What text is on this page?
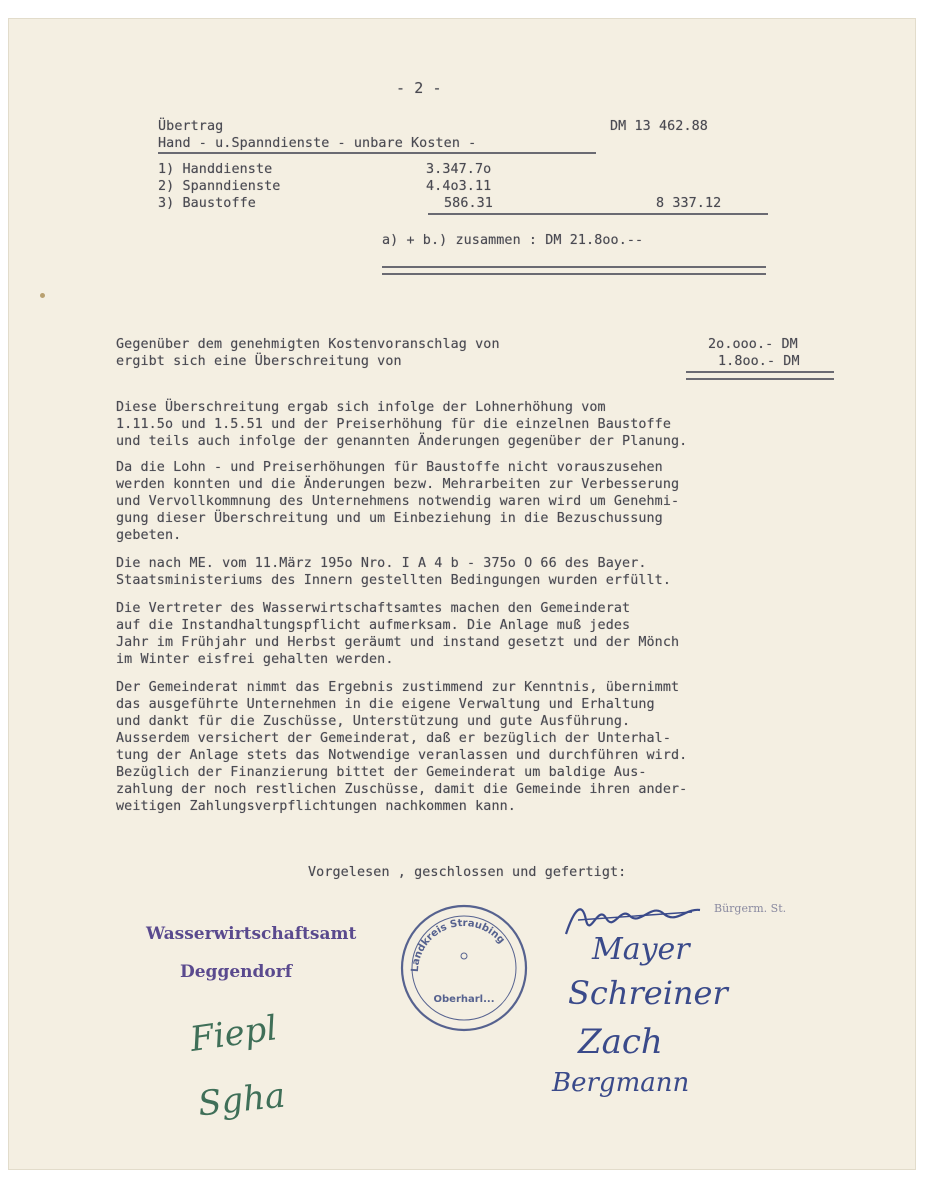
- 2 -
Übertrag	DM 13 462.88
Hand - u.Spanndienste - unbare Kosten -
1) Handdienste	3.347.7o
2) Spanndienste	4.4o3.11
3) Baustoffe	586.31	8 337.12
a) + b.) zusammen : DM 21.8oo.--
Gegenüber dem genehmigten Kostenvoranschlag von	2o.ooo.- DM
ergibt sich eine Überschreitung von	1.8oo.- DM
Diese Überschreitung ergab sich infolge der Lohnerhöhung vom
1.11.5o und 1.5.51 und der Preiserhöhung für die einzelnen Baustoffe
und teils auch infolge der genannten Änderungen gegenüber der Planung.
Da die Lohn - und Preiserhöhungen für Baustoffe nicht vorauszusehen
werden konnten und die Änderungen bezw. Mehrarbeiten zur Verbesserung
und Vervollkommnung des Unternehmens notwendig waren wird um Genehmi-
gung dieser Überschreitung und um Einbeziehung in die Bezuschussung
gebeten.
Die nach ME. vom 11.März 195o Nro. I A 4 b - 375o O 66 des Bayer.
Staatsministeriums des Innern gestellten Bedingungen wurden erfüllt.
Die Vertreter des Wasserwirtschaftsamtes machen den Gemeinderat
auf die Instandhaltungspflicht aufmerksam. Die Anlage muß jedes
Jahr im Frühjahr und Herbst geräumt und instand gesetzt und der Mönch
im Winter eisfrei gehalten werden.
Der Gemeinderat nimmt das Ergebnis zustimmend zur Kenntnis, übernimmt
das ausgeführte Unternehmen in die eigene Verwaltung und Erhaltung
und dankt für die Zuschüsse, Unterstützung und gute Ausführung.
Ausserdem versichert der Gemeinderat, daß er bezüglich der Unterhal-
tung der Anlage stets das Notwendige veranlassen und durchführen wird.
Bezüglich der Finanzierung bittet der Gemeinderat um baldige Aus-
zahlung der noch restlichen Zuschüsse, damit die Gemeinde ihren ander-
weitigen Zahlungsverpflichtungen nachkommen kann.
Vorgelesen , geschlossen und gefertigt:
Wasserwirtschaftsamt
Deggendorf	Landkreis Straubing
Oberharl...
Fiepl
Sgha
Bürgerm. St.
Mayer
Schreiner
Zach
Bergmann
